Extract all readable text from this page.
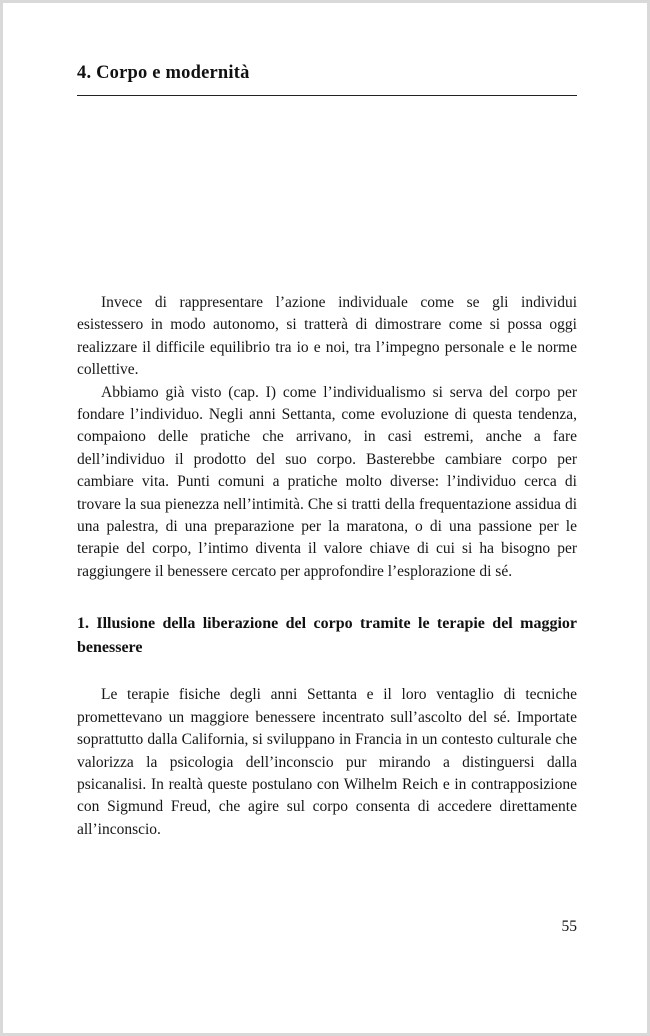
4. Corpo e modernità

Invece di rappresentare l’azione individuale come se gli individui esistessero in modo autonomo, si tratterà di dimostrare come si possa oggi realizzare il difficile equilibrio tra io e noi, tra l’impegno personale e le norme collettive.

Abbiamo già visto (cap. I) come l’individualismo si serva del corpo per fondare l’individuo. Negli anni Settanta, come evoluzione di questa tendenza, compaiono delle pratiche che arrivano, in casi estremi, anche a fare dell’individuo il prodotto del suo corpo. Basterebbe cambiare corpo per cambiare vita. Punti comuni a pratiche molto diverse: l’individuo cerca di trovare la sua pienezza nell’intimità. Che si tratti della frequentazione assidua di una palestra, di una preparazione per la maratona, o di una passione per le terapie del corpo, l’intimo diventa il valore chiave di cui si ha bisogno per raggiungere il benessere cercato per approfondire l’esplorazione di sé.

1. Illusione della liberazione del corpo tramite le terapie del maggior benessere

Le terapie fisiche degli anni Settanta e il loro ventaglio di tecniche promettevano un maggiore benessere incentrato sull’ascolto del sé. Importate soprattutto dalla California, si sviluppano in Francia in un contesto culturale che valorizza la psicologia dell’inconscio pur mirando a distinguersi dalla psicanalisi. In realtà queste postulano con Wilhelm Reich e in contrapposizione con Sigmund Freud, che agire sul corpo consenta di accedere direttamente all’inconscio.

55
